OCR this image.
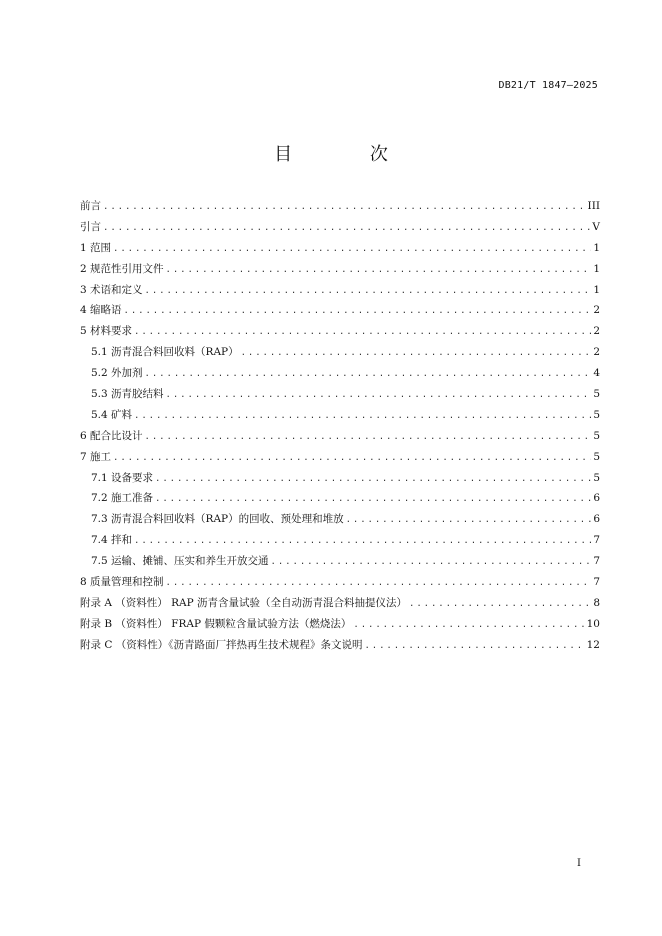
DB21/T 1847—2025
目 次
前言 .....	III
引言 .....	V
1 范围 .....	1
2 规范性引用文件 .....	1
3 术语和定义 .....	1
4 缩略语 .....	2
5 材料要求 .....	2
5.1 沥青混合料回收料（RAP） .....	2
5.2 外加剂 .....	4
5.3 沥青胶结料 .....	5
5.4 矿料 .....	5
6 配合比设计 .....	5
7 施工 .....	5
7.1 设备要求 .....	5
7.2 施工准备 .....	6
7.3 沥青混合料回收料（RAP）的回收、预处理和堆放 .....	6
7.4 拌和 .....	7
7.5 运输、摊铺、压实和养生开放交通 .....	7
8 质量管理和控制 .....	7
附录 A （资料性） RAP 沥青含量试验（全自动沥青混合料抽提仪法） .....	8
附录 B （资料性） FRAP 假颗粒含量试验方法（燃烧法） .....	10
附录 C （资料性）《沥青路面厂拌热再生技术规程》条文说明 .....	12
I
